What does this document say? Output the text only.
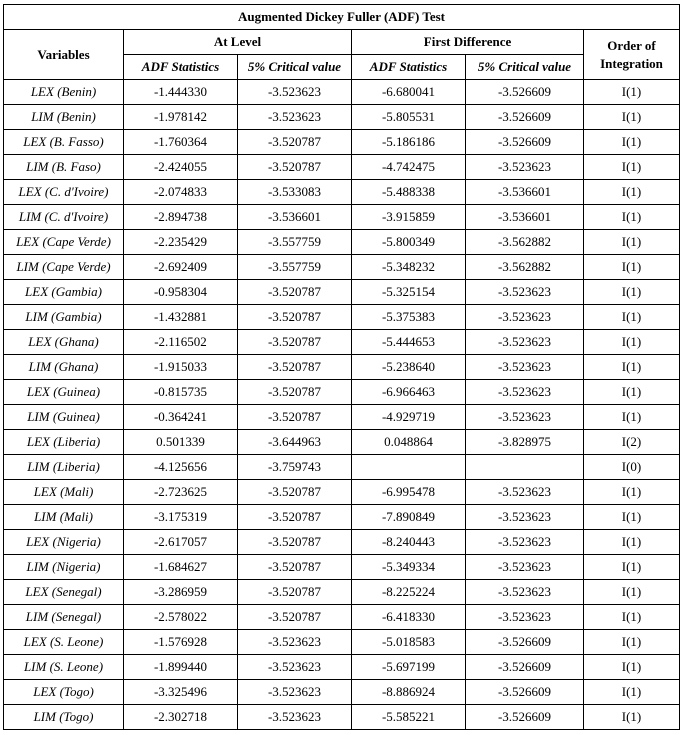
Augmented Dickey Fuller (ADF) Test					
Variables	At Level		First Difference		Order of
Integration
	ADF Statistics	5% Critical value	ADF Statistics	5% Critical value	
LEX (Benin)	-1.444330	-3.523623	-6.680041	-3.526609	I(1)
LIM (Benin)	-1.978142	-3.523623	-5.805531	-3.526609	I(1)
LEX (B. Fasso)	-1.760364	-3.520787	-5.186186	-3.526609	I(1)
LIM (B. Faso)	-2.424055	-3.520787	-4.742475	-3.523623	I(1)
LEX (C. d'Ivoire)	-2.074833	-3.533083	-5.488338	-3.536601	I(1)
LIM (C. d'Ivoire)	-2.894738	-3.536601	-3.915859	-3.536601	I(1)
LEX (Cape Verde)	-2.235429	-3.557759	-5.800349	-3.562882	I(1)
LIM (Cape Verde)	-2.692409	-3.557759	-5.348232	-3.562882	I(1)
LEX (Gambia)	-0.958304	-3.520787	-5.325154	-3.523623	I(1)
LIM (Gambia)	-1.432881	-3.520787	-5.375383	-3.523623	I(1)
LEX (Ghana)	-2.116502	-3.520787	-5.444653	-3.523623	I(1)
LIM (Ghana)	-1.915033	-3.520787	-5.238640	-3.523623	I(1)
LEX (Guinea)	-0.815735	-3.520787	-6.966463	-3.523623	I(1)
LIM (Guinea)	-0.364241	-3.520787	-4.929719	-3.523623	I(1)
LEX (Liberia)	0.501339	-3.644963	0.048864	-3.828975	I(2)
LIM (Liberia)	-4.125656	-3.759743			I(0)
LEX (Mali)	-2.723625	-3.520787	-6.995478	-3.523623	I(1)
LIM (Mali)	-3.175319	-3.520787	-7.890849	-3.523623	I(1)
LEX (Nigeria)	-2.617057	-3.520787	-8.240443	-3.523623	I(1)
LIM (Nigeria)	-1.684627	-3.520787	-5.349334	-3.523623	I(1)
LEX (Senegal)	-3.286959	-3.520787	-8.225224	-3.523623	I(1)
LIM (Senegal)	-2.578022	-3.520787	-6.418330	-3.523623	I(1)
LEX (S. Leone)	-1.576928	-3.523623	-5.018583	-3.526609	I(1)
LIM (S. Leone)	-1.899440	-3.523623	-5.697199	-3.526609	I(1)
LEX (Togo)	-3.325496	-3.523623	-8.886924	-3.526609	I(1)
LIM (Togo)	-2.302718	-3.523623	-5.585221	-3.526609	I(1)
